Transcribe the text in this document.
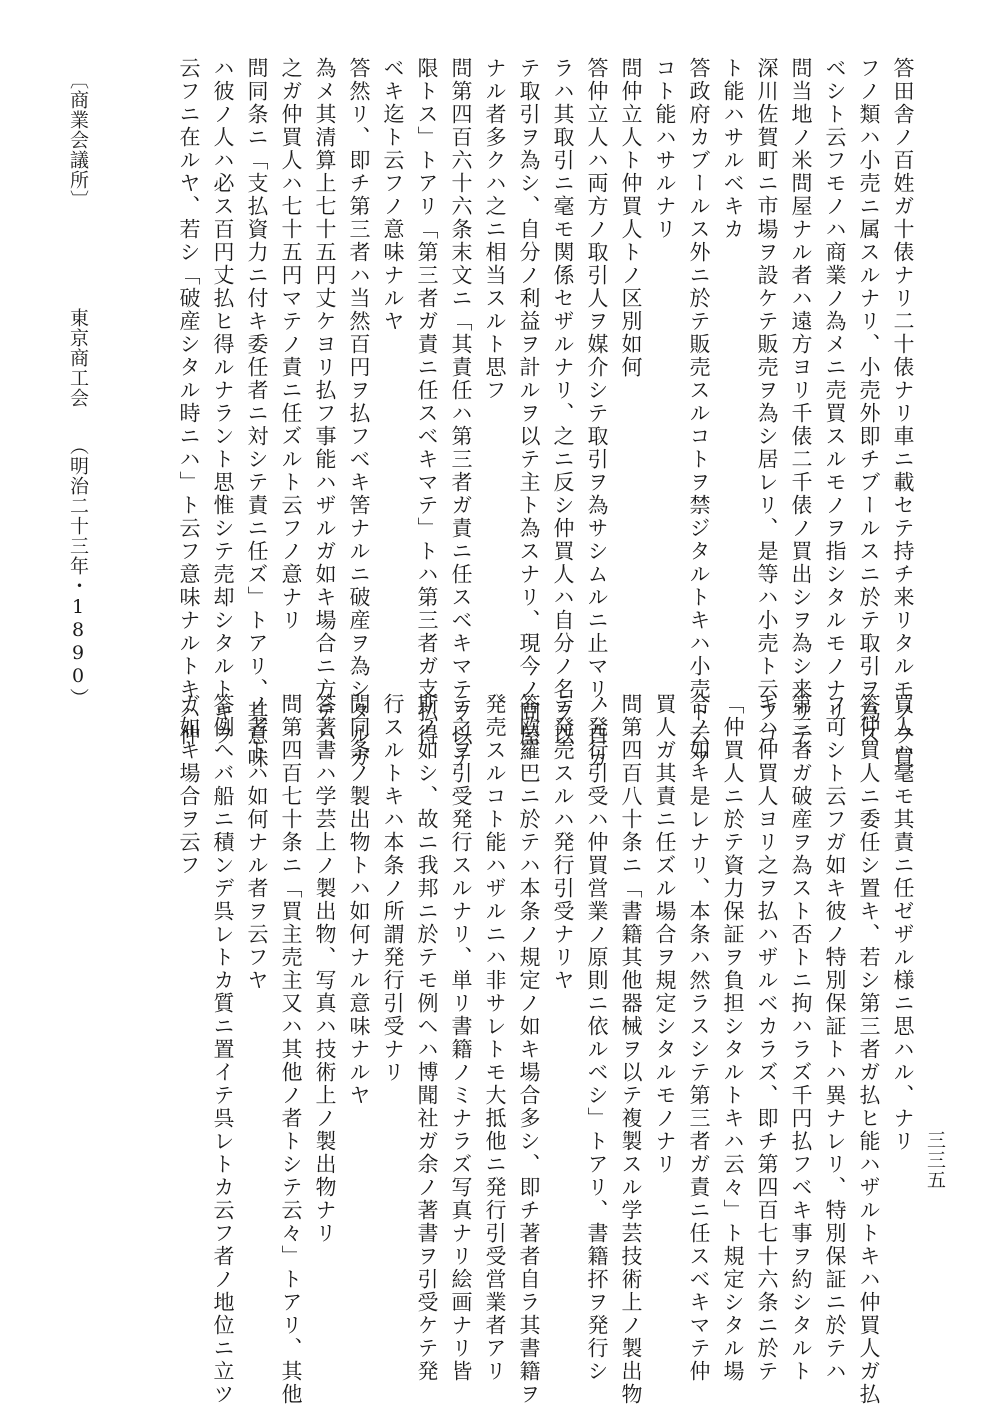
答田舎ノ百姓ガ十俵ナリ二十俵ナリ車ニ載セテ持チ来リタルモノヲ買
フノ類ハ小売ニ属スルナリ、小売外即チブールスニ於テ取引ヲ為ス
ベシト云フモノハ商業ノ為メニ売買スルモノヲ指シタルモノナリ
問当地ノ米問屋ナル者ハ遠方ヨリ千俵二千俵ノ買出シヲ為シ来リテ、
深川佐賀町ニ市場ヲ設ケテ販売ヲ為シ居レリ、是等ハ小売ト云フコ
ト能ハサルベキカ
答政府カブールス外ニ於テ販売スルコトヲ禁ジタルトキハ小売ト云フ
コト能ハサルナリ
問仲立人ト仲買人トノ区別如何
答仲立人ハ両方ノ取引人ヲ媒介シテ取引ヲ為サシムルニ止マリ、自カ
ラハ其取引ニ毫モ関係セザルナリ、之ニ反シ仲買人ハ自分ノ名ヲ以
テ取引ヲ為シ、自分ノ利益ヲ計ルヲ以テ主ト為スナリ、現今ノ問屋
ナル者多クハ之ニ相当スルト思フ
問第四百六十六条末文ニ「其責任ハ第三者ガ責ニ任スベキマテヲ以テ
限トス」トアリ「第三者ガ責ニ任スベキマテ」トハ第三者ガ支払得
ベキ迄ト云フノ意味ナルヤ
答然リ、即チ第三者ハ当然百円ヲ払フベキ筈ナルニ破産ヲ為シタルガ
為メ其清算上七十五円丈ケヨリ払フ事能ハザルガ如キ場合ニ方テハ
之ガ仲買人ハ七十五円マテノ責ニ任ズルト云フノ意ナリ
問同条ニ「支払資力ニ付キ委任者ニ対シテ責ニ任ズ」トアリ、其意味
ハ彼ノ人ハ必ス百円丈払ヒ得ルナラント思惟シテ売却シタルトキヲ
云フニ在ルヤ、若シ「破産シタル時ニハ」ト云フ意味ナルトキハ仲
買人ハ毫モ其責ニ任ゼザル様ニ思ハル、ナリ
答仲買人ニ委任シ置キ、若シ第三者ガ払ヒ能ハザルトキハ仲買人ガ払
フ可シト云フガ如キ彼ノ特別保証トハ異ナレリ、特別保証ニ於テハ
第三者ガ破産ヲ為スト否トニ拘ハラズ千円払フベキ事ヲ約シタルト
キハ仲買人ヨリ之ヲ払ハザルベカラズ、即チ第四百七十六条ニ於テ
「仲買人ニ於テ資力保証ヲ負担シタルトキハ云々」ト規定シタル場
合ノ如キ是レナリ、本条ハ然ラスシテ第三者ガ責ニ任スベキマテ仲
買人ガ其責ニ任ズル場合ヲ規定シタルモノナリ
問第四百八十条ニ「書籍其他器械ヲ以テ複製スル学芸技術上ノ製出物
ノ発行引受ハ仲買営業ノ原則ニ依ルベシ」トアリ、書籍抔ヲ発行シ
テ発売スルハ発行引受ナリヤ
答欧羅巴ニ於テハ本条ノ規定ノ如キ場合多シ、即チ著者自ラ其書籍ヲ
発売スルコト能ハザルニハ非サレトモ大抵他ニ発行引受営業者アリ
テ之ヲ引受発行スルナリ、単リ書籍ノミナラズ写真ナリ絵画ナリ皆
斯ノ如シ、故ニ我邦ニ於テモ例ヘハ博聞社ガ余ノ著書ヲ引受ケテ発
行スルトキハ本条ノ所謂発行引受ナリ
問同条ノ製出物トハ如何ナル意味ナルヤ
答著書ハ学芸上ノ製出物、写真ハ技術上ノ製出物ナリ
問第四百七十条ニ「買主売主又ハ其他ノ者トシテ云々」トアリ、其他
ノ者トハ如何ナル者ヲ云フヤ
答例ヘバ船ニ積ンデ呉レトカ質ニ置イテ呉レトカ云フ者ノ地位ニ立ツ
ガ如キ場合ヲ云フ
〔商業会議所〕
東京商工会
（明治二十三年・1890）
三三五
